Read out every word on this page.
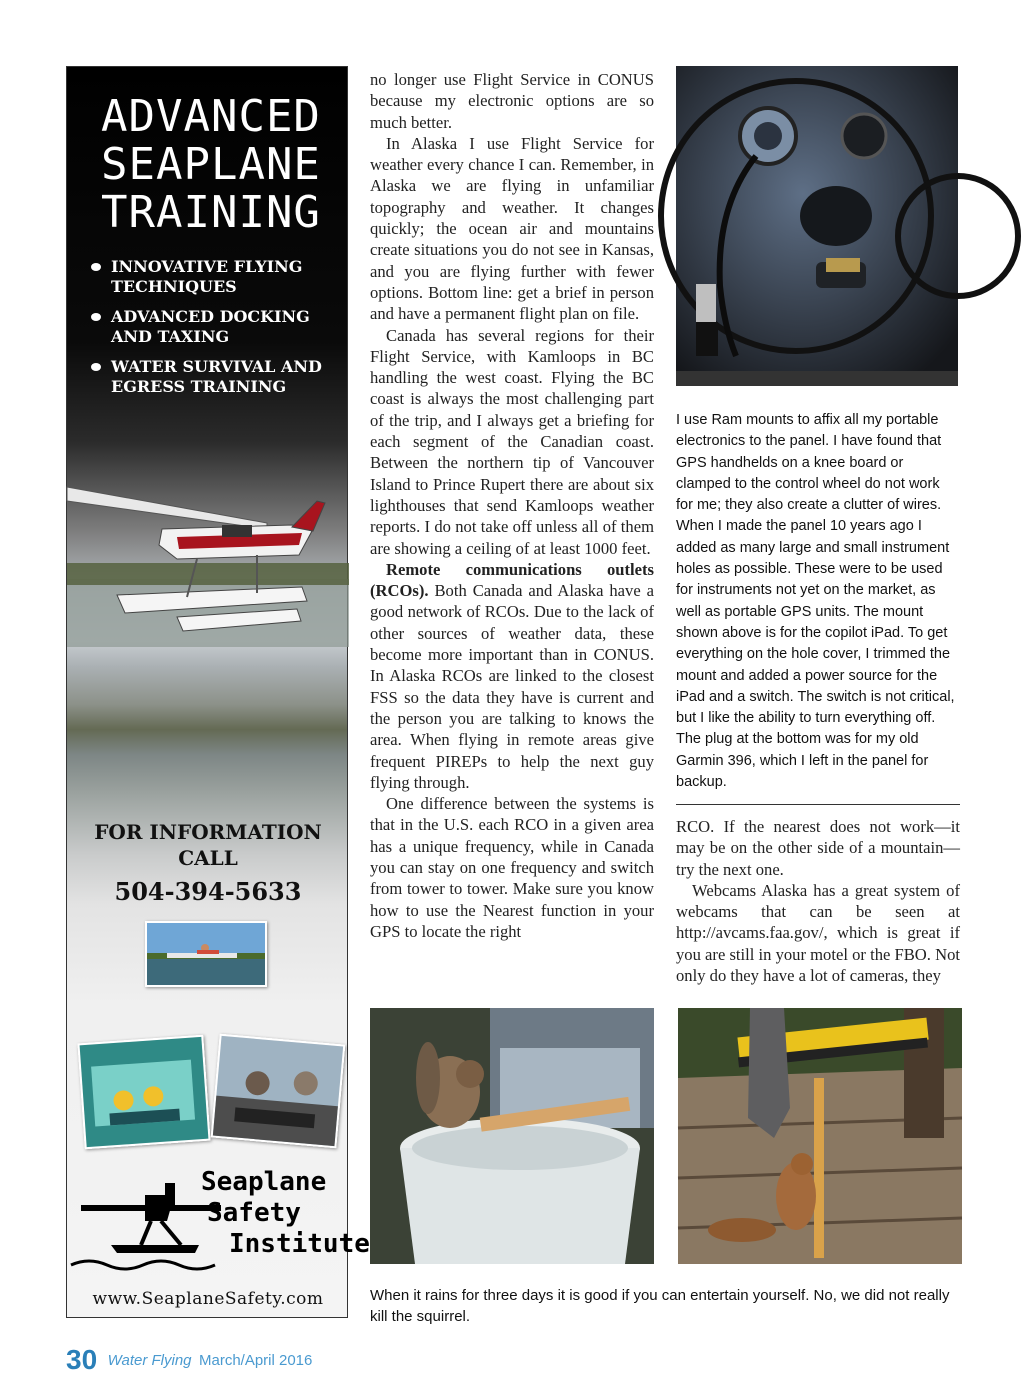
ADVANCED
SEAPLANE
TRAINING
INNOVATIVE FLYING TECHNIQUES
ADVANCED DOCKING AND TAXING
WATER SURVIVAL AND EGRESS TRAINING
FOR INFORMATION
CALL
504-394-5633
Seaplane
Safety
Institute
www.SeaplaneSafety.com

no longer use Flight Service in CONUS because my electronic options are so much better.

In Alaska I use Flight Service for weather every chance I can. Remember, in Alaska we are flying in unfamiliar topography and weather. It changes quickly; the ocean air and mountains create situations you do not see in Kansas, and you are flying further with fewer options. Bottom line: get a brief in person and have a permanent flight plan on file.

Canada has several regions for their Flight Service, with Kamloops in BC handling the west coast. Flying the BC coast is always the most challenging part of the trip, and I always get a briefing for each segment of the Canadian coast. Between the northern tip of Vancouver Island to Prince Rupert there are about six lighthouses that send Kamloops weather reports. I do not take off unless all of them are showing a ceiling of at least 1000 feet.

Remote communications outlets (RCOs). Both Canada and Alaska have a good network of RCOs. Due to the lack of other sources of weather data, these become more important than in CONUS. In Alaska RCOs are linked to the closest FSS so the data they have is current and the person you are talking to knows the area. When flying in remote areas give frequent PIREPs to help the next guy flying through.

One difference between the systems is that in the U.S. each RCO in a given area has a unique frequency, while in Canada you can stay on one frequency and switch from tower to tower. Make sure you know how to use the Nearest function in your GPS to locate the right

I use Ram mounts to affix all my portable electronics to the panel. I have found that GPS handhelds on a knee board or clamped to the control wheel do not work for me; they also create a clutter of wires. When I made the panel 10 years ago I added as many large and small instrument holes as possible. These were to be used for instruments not yet on the market, as well as portable GPS units. The mount shown above is for the copilot iPad. To get everything on the hole cover, I trimmed the mount and added a power source for the iPad and a switch. The switch is not critical, but I like the ability to turn everything off. The plug at the bottom was for my old Garmin 396, which I left in the panel for backup.

RCO. If the nearest does not work—it may be on the other side of a mountain—try the next one.

Webcams Alaska has a great system of webcams that can be seen at http://avcams.faa.gov/, which is great if you are still in your motel or the FBO. Not only do they have a lot of cameras, they

When it rains for three days it is good if you can entertain yourself. No, we did not really kill the squirrel.
30 Water Flying March/April 2016
